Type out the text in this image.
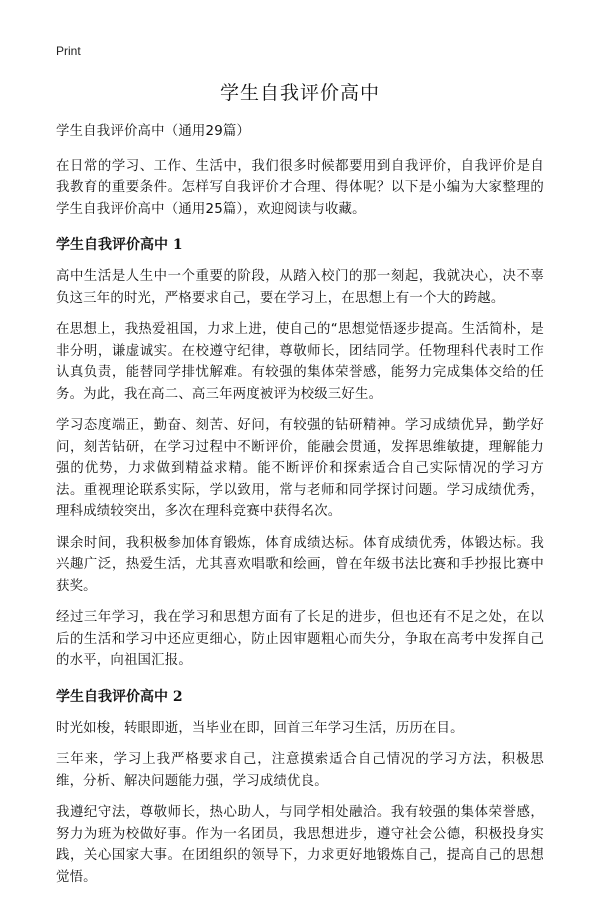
Print
学生自我评价高中

学生自我评价高中（通用29篇）

在日常的学习、工作、生活中，我们很多时候都要用到自我评价，自我评价是自我教育的重要条件。怎样写自我评价才合理、得体呢？以下是小编为大家整理的学生自我评价高中（通用25篇），欢迎阅读与收藏。

学生自我评价高中 1

高中生活是人生中一个重要的阶段，从踏入校门的那一刻起，我就决心，决不辜负这三年的时光，严格要求自己，要在学习上，在思想上有一个大的跨越。

在思想上，我热爱祖国，力求上进，使自己的“思想觉悟逐步提高。生活简朴，是非分明，谦虚诚实。在校遵守纪律，尊敬师长，团结同学。任物理科代表时工作认真负责，能替同学排忧解难。有较强的集体荣誉感，能努力完成集体交给的任务。为此，我在高二、高三年两度被评为校级三好生。

学习态度端正，勤奋、刻苦、好问，有较强的钻研精神。学习成绩优异，勤学好问，刻苦钻研，在学习过程中不断评价，能融会贯通，发挥思维敏捷，理解能力强的优势，力求做到精益求精。能不断评价和探索适合自己实际情况的学习方法。重视理论联系实际，学以致用，常与老师和同学探讨问题。学习成绩优秀，理科成绩较突出，多次在理科竞赛中获得名次。

课余时间，我积极参加体育锻炼，体育成绩达标。体育成绩优秀，体锻达标。我兴趣广泛，热爱生活，尤其喜欢唱歌和绘画，曾在年级书法比赛和手抄报比赛中获奖。

经过三年学习，我在学习和思想方面有了长足的进步，但也还有不足之处，在以后的生活和学习中还应更细心，防止因审题粗心而失分，争取在高考中发挥自己的水平，向祖国汇报。

学生自我评价高中 2

时光如梭，转眼即逝，当毕业在即，回首三年学习生活，历历在目。

三年来，学习上我严格要求自己，注意摸索适合自己情况的学习方法，积极思维，分析、解决问题能力强，学习成绩优良。

我遵纪守法，尊敬师长，热心助人，与同学相处融洽。我有较强的集体荣誉感，努力为班为校做好事。作为一名团员，我思想进步，遵守社会公德，积极投身实践，关心国家大事。在团组织的领导下，力求更好地锻炼自己，提高自己的思想觉悟。
